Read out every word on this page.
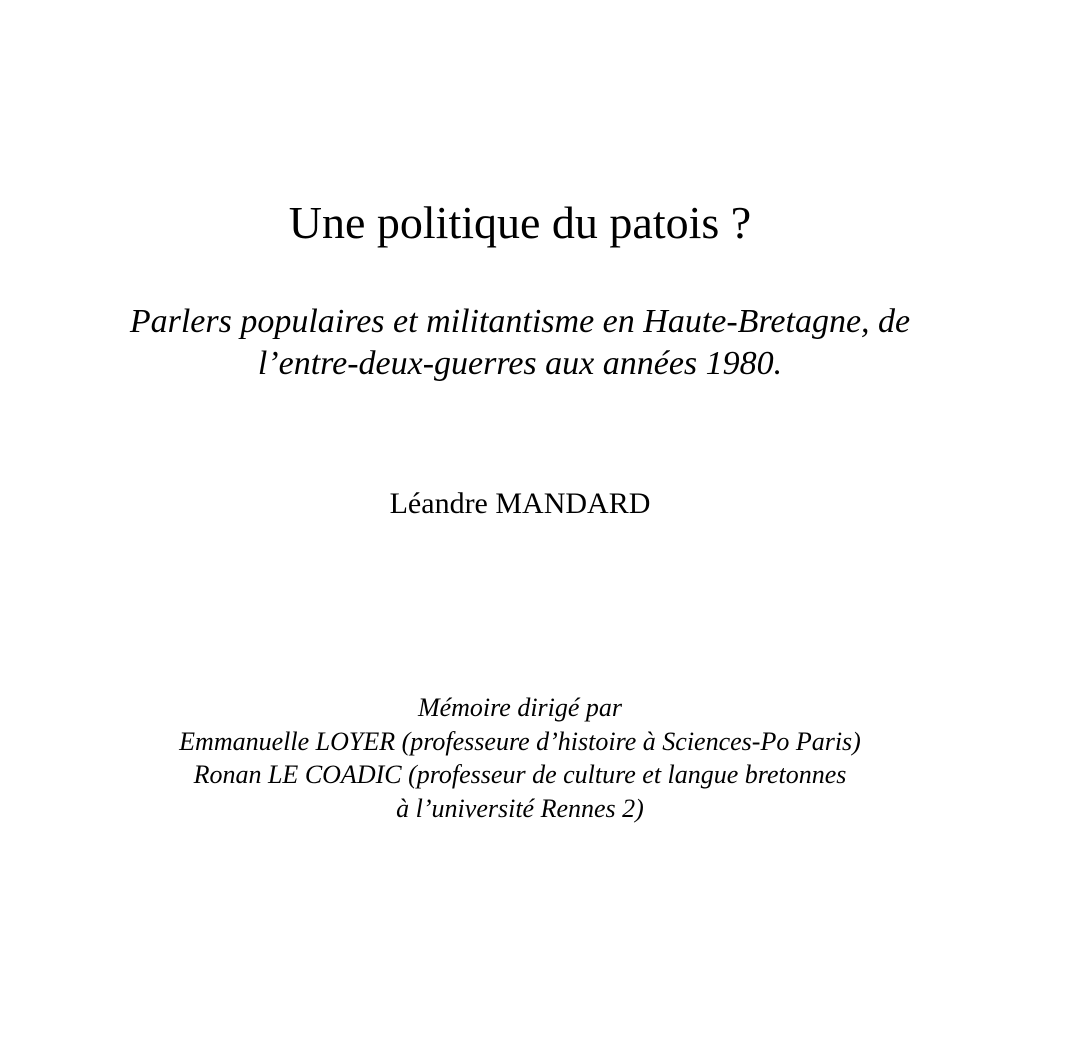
Une politique du patois ?
Parlers populaires et militantisme en Haute-Bretagne, de
l’entre-deux-guerres aux années 1980.
Léandre MANDARD
Mémoire dirigé par
Emmanuelle LOYER (professeure d’histoire à Sciences-Po Paris)
Ronan LE COADIC (professeur de culture et langue bretonnes
à l’université Rennes 2)
